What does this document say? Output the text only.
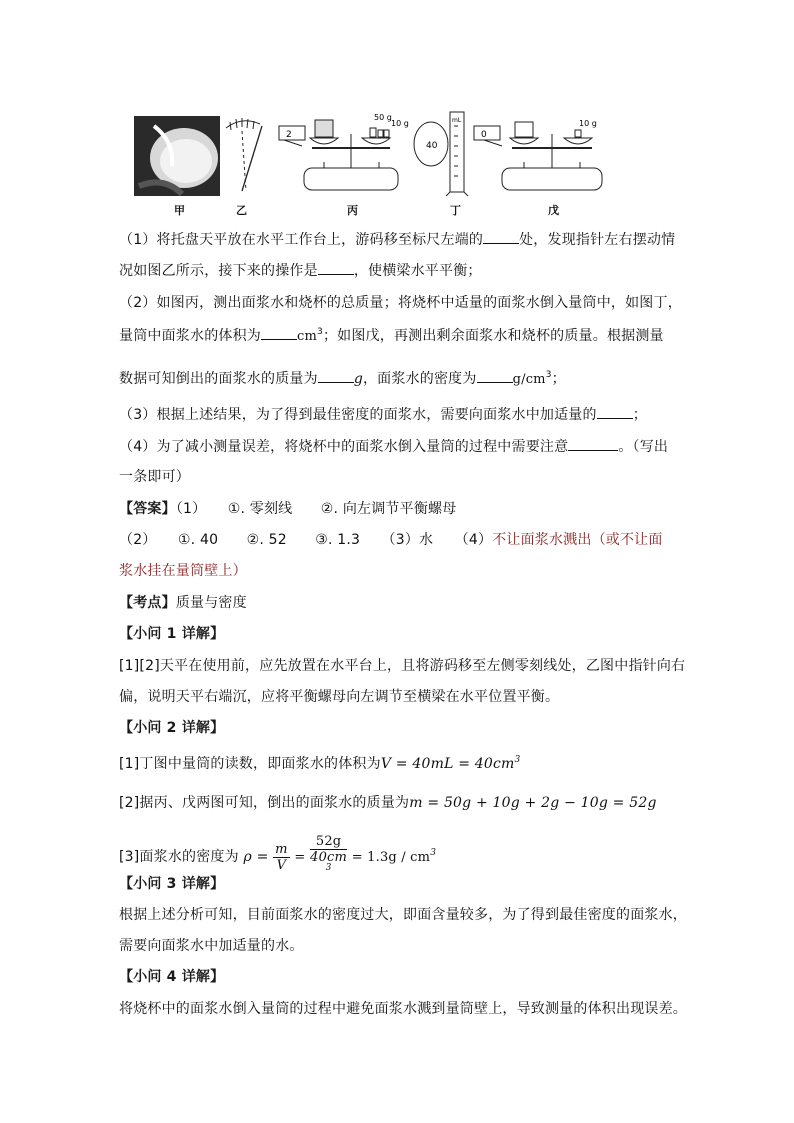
50 g
10 g	10 g
2	0
mL
40
甲	乙	丙	丁	戊
（1）将托盘天平放在水平工作台上，游码移至标尺左端的	处，发现指针左右摆动情
况如图乙所示，接下来的操作是	，使横梁水平平衡；
（2）如图丙，测出面浆水和烧杯的总质量；将烧杯中适量的面浆水倒入量筒中，如图丁，
量筒中面浆水的体积为	$cm^3$；如图戊，再测出剩余面浆水和烧杯的质量。根据测量
数据可知倒出的面浆水的质量为	g，面浆水的密度为	$g/cm^3$；
（3）根据上述结果，为了得到最佳密度的面浆水，需要向面浆水中加适量的	；
（4）为了减小测量误差，将烧杯中的面浆水倒入量筒的过程中需要注意	。（写出
一条即可）
【答案】（1）　　①. 零刻线　　②. 向左调节平衡螺母
（2）　　①. 40　　②. 52　　③. 1.3　　（3）水　　（4）不让面浆水溅出（或不让面
浆水挂在量筒壁上）
【考点】质量与密度
【小问 1 详解】
[1][2]天平在使用前，应先放置在水平台上，且将游码移至左侧零刻线处，乙图中指针向右
偏，说明天平右端沉，应将平衡螺母向左调节至横梁在水平位置平衡。
【小问 2 详解】
[1]丁图中量筒的读数，即面浆水的体积为$V = 40mL = 40cm^3$
[2]据丙、戊两图可知，倒出的面浆水的质量为m = 50g + 10g + 2g − 10g = 52g
[3]面浆水的密度为 $\rho = \frac{m}{V} = 52g$
40cm
$^3 = 1.3g / cm^3$
【小问 3 详解】
根据上述分析可知，目前面浆水的密度过大，即面含量较多，为了得到最佳密度的面浆水，
需要向面浆水中加适量的水。
【小问 4 详解】
将烧杯中的面浆水倒入量筒的过程中避免面浆水溅到量筒壁上，导致测量的体积出现误差。
